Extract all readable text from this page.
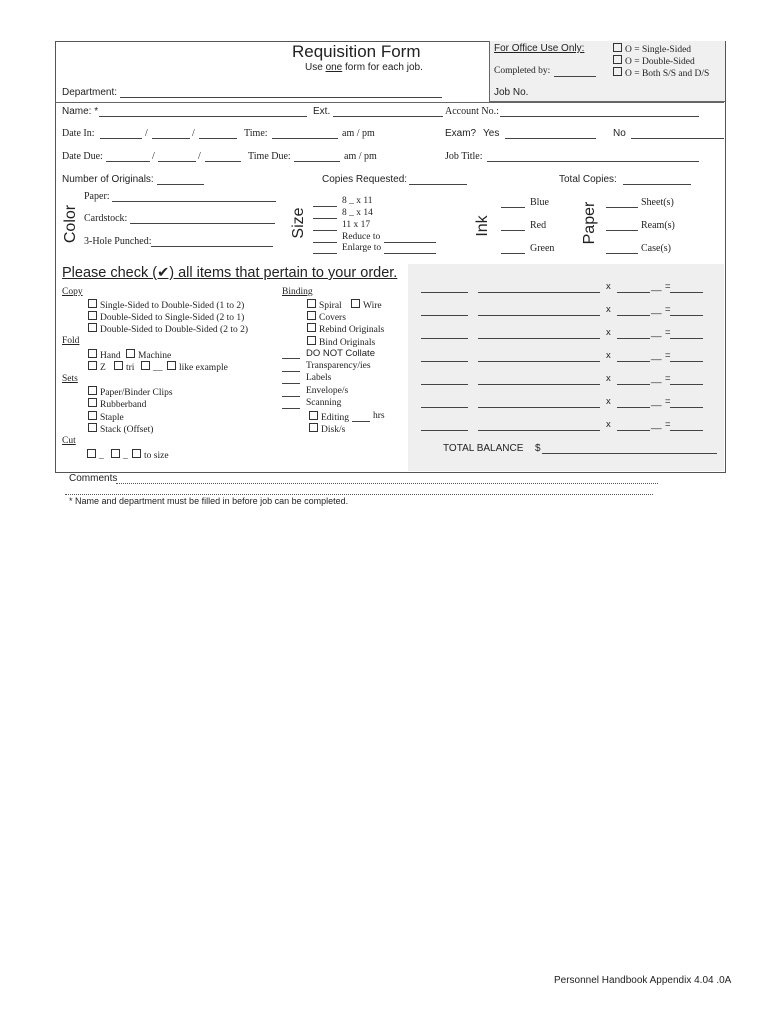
Requisition Form
Use one form for each job.
For Office Use Only:
Completed by:
O = Single-Sided
O = Double-Sided
O = Both S/S and D/S
Job No.
Department:
Name: *	Ext.	Account No.:
Date In:	/	/	Time:	am / pm	Exam? Yes	No
Date Due:	/	/	Time Due:	am / pm	Job Title:
Number of Originals:	Copies Requested:	Total Copies:
Color
Paper:
Cardstock:
3-Hole Punched:
Size
8 _ x 11
8 _ x 14
11 x 17
Reduce to
Enlarge to
Ink
Blue
Red
Green
Paper	Sheet(s)
Ream(s)
Case(s)
Please check (✔) all items that pertain to your order.
Copy
Single-Sided to Double-Sided (1 to 2)
Double-Sided to Single-Sided (2 to 1)
Double-Sided to Double-Sided (2 to 2)
Fold
Hand	Machine
Z	tri	__	like example
Sets
Paper/Binder Clips
Rubberband
Staple
Stack (Offset)
Cut
_	_	to size
Binding
Spiral	Wire
Covers
Rebind Originals
Bind Originals
DO NOT Collate
Transparency/ies
Labels
Envelope/s
Scanning
Editing	hrs
Disk/s
x	__ =
x	__ =
x	__ =
x	__ =
x	__ =
x	__ =
x	__ =
TOTAL BALANCE $
Comments
* Name and department must be filled in before job can be completed.
Personnel Handbook Appendix 4.04 .0A
